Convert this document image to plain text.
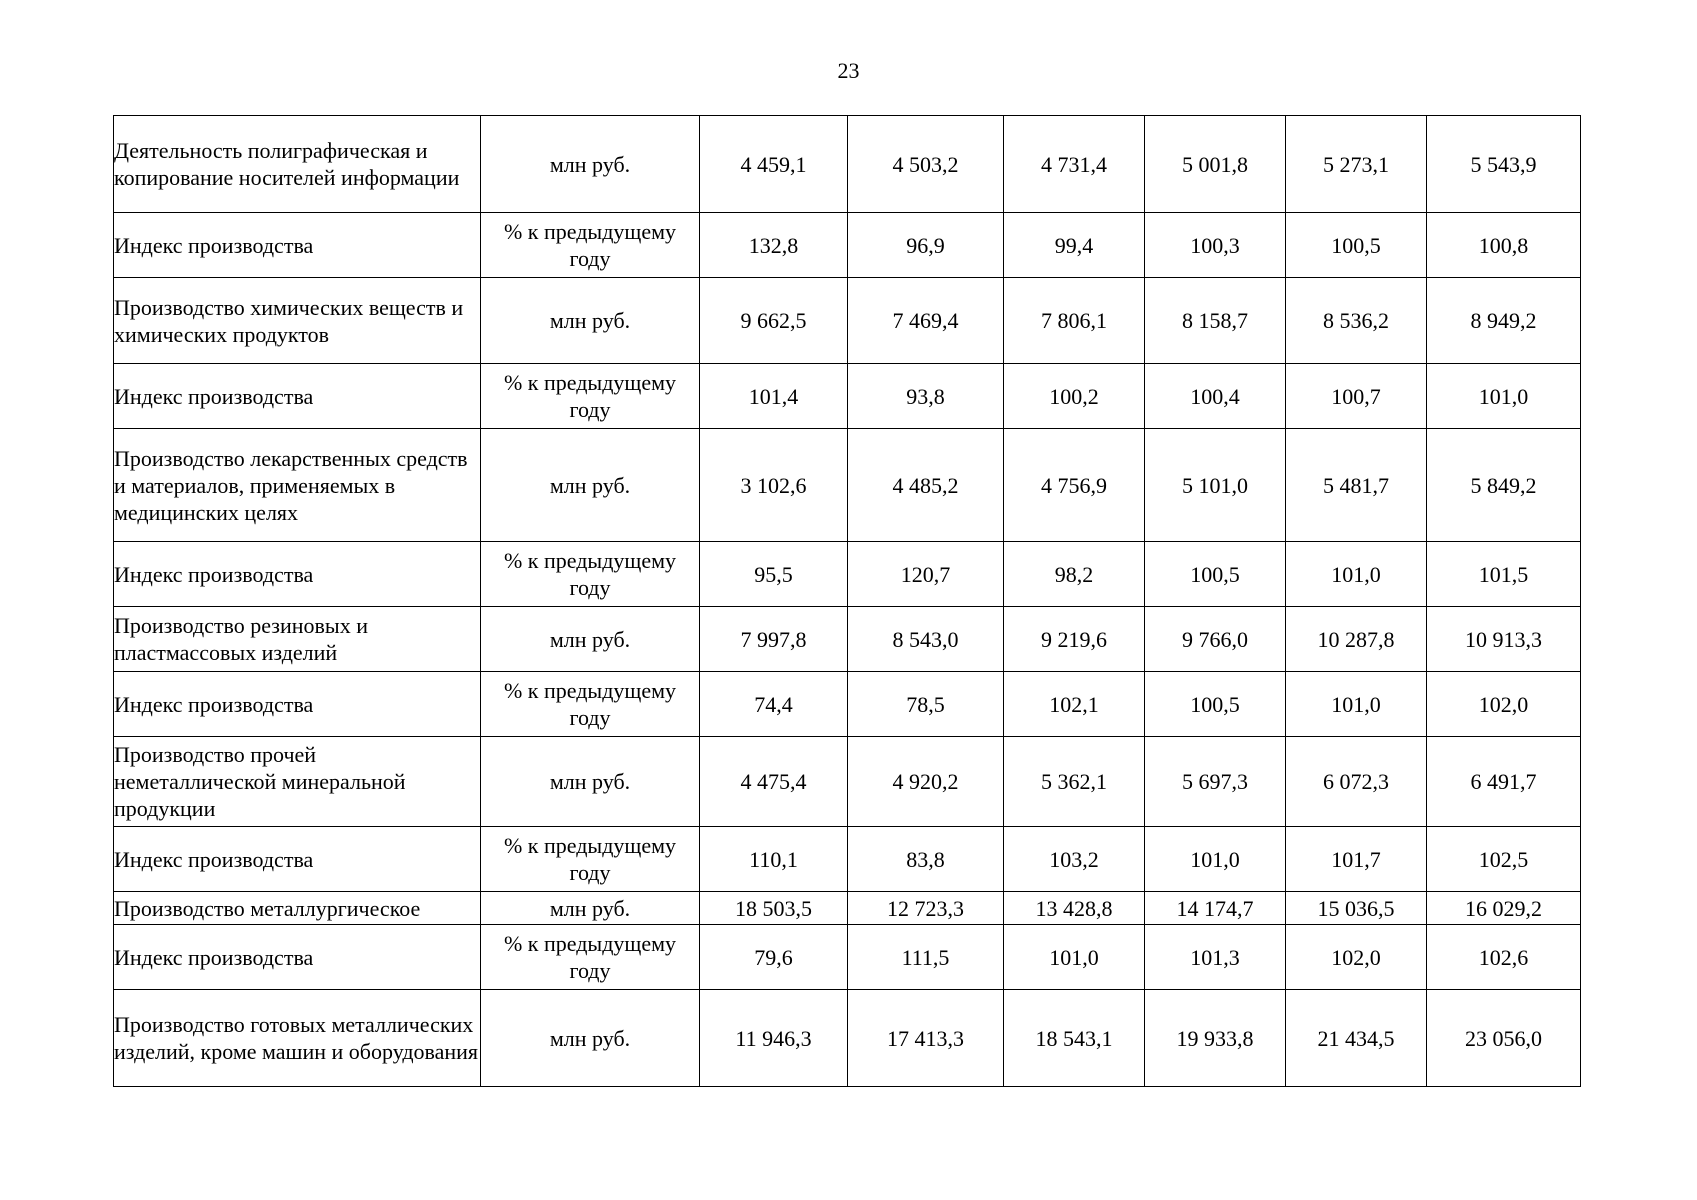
23
Деятельность полиграфическая и копирование носителей информации	млн руб.	4 459,1	4 503,2	4 731,4	5 001,8	5 273,1	5 543,9
Индекс производства	% к предыдущему году	132,8	96,9	99,4	100,3	100,5	100,8
Производство химических веществ и химических продуктов	млн руб.	9 662,5	7 469,4	7 806,1	8 158,7	8 536,2	8 949,2
Индекс производства	% к предыдущему году	101,4	93,8	100,2	100,4	100,7	101,0
Производство лекарственных средств и материалов, применяемых в медицинских целях	млн руб.	3 102,6	4 485,2	4 756,9	5 101,0	5 481,7	5 849,2
Индекс производства	% к предыдущему году	95,5	120,7	98,2	100,5	101,0	101,5
Производство резиновых и пластмассовых изделий	млн руб.	7 997,8	8 543,0	9 219,6	9 766,0	10 287,8	10 913,3
Индекс производства	% к предыдущему году	74,4	78,5	102,1	100,5	101,0	102,0
Производство прочей неметаллической минеральной продукции	млн руб.	4 475,4	4 920,2	5 362,1	5 697,3	6 072,3	6 491,7
Индекс производства	% к предыдущему году	110,1	83,8	103,2	101,0	101,7	102,5
Производство металлургическое	млн руб.	18 503,5	12 723,3	13 428,8	14 174,7	15 036,5	16 029,2
Индекс производства	% к предыдущему году	79,6	111,5	101,0	101,3	102,0	102,6
Производство готовых металлических изделий, кроме машин и оборудования	млн руб.	11 946,3	17 413,3	18 543,1	19 933,8	21 434,5	23 056,0
